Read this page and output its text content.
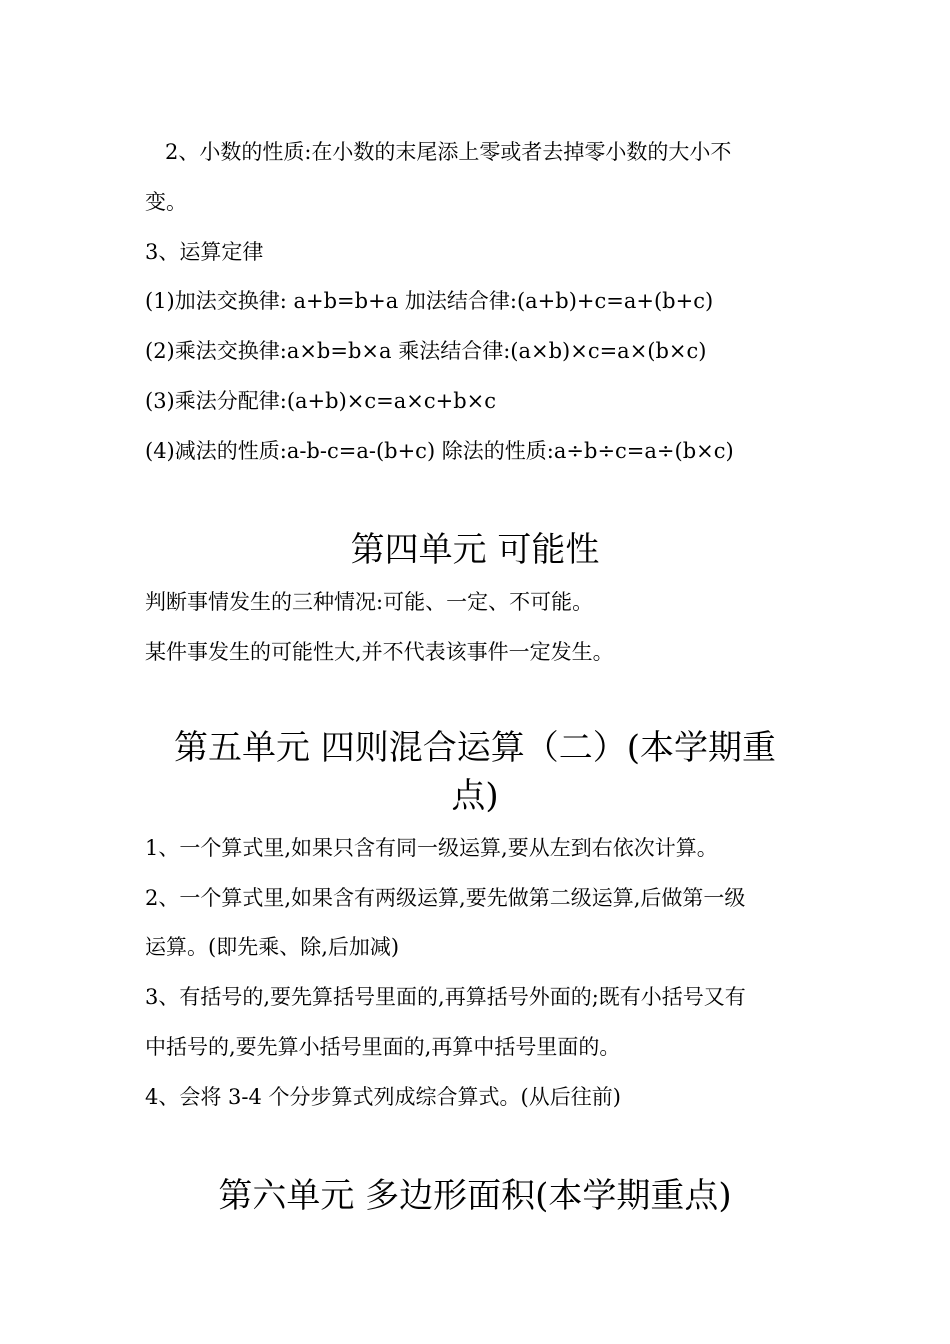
2、小数的性质:在小数的末尾添上零或者去掉零小数的大小不
变。
3、运算定律
(1)加法交换律: a+b=b+a 加法结合律:(a+b)+c=a+(b+c)
(2)乘法交换律:a×b=b×a 乘法结合律:(a×b)×c=a×(b×c)
(3)乘法分配律:(a+b)×c=a×c+b×c
(4)减法的性质:a-b-c=a-(b+c) 除法的性质:a÷b÷c=a÷(b×c)
第四单元 可能性
判断事情发生的三种情况:可能、一定、不可能。
某件事发生的可能性大,并不代表该事件一定发生。
第五单元 四则混合运算（二）(本学期重
点)
1、一个算式里,如果只含有同一级运算,要从左到右依次计算。
2、一个算式里,如果含有两级运算,要先做第二级运算,后做第一级
运算。(即先乘、除,后加减)
3、有括号的,要先算括号里面的,再算括号外面的;既有小括号又有
中括号的,要先算小括号里面的,再算中括号里面的。
4、会将 3-4 个分步算式列成综合算式。(从后往前)
第六单元 多边形面积(本学期重点)
